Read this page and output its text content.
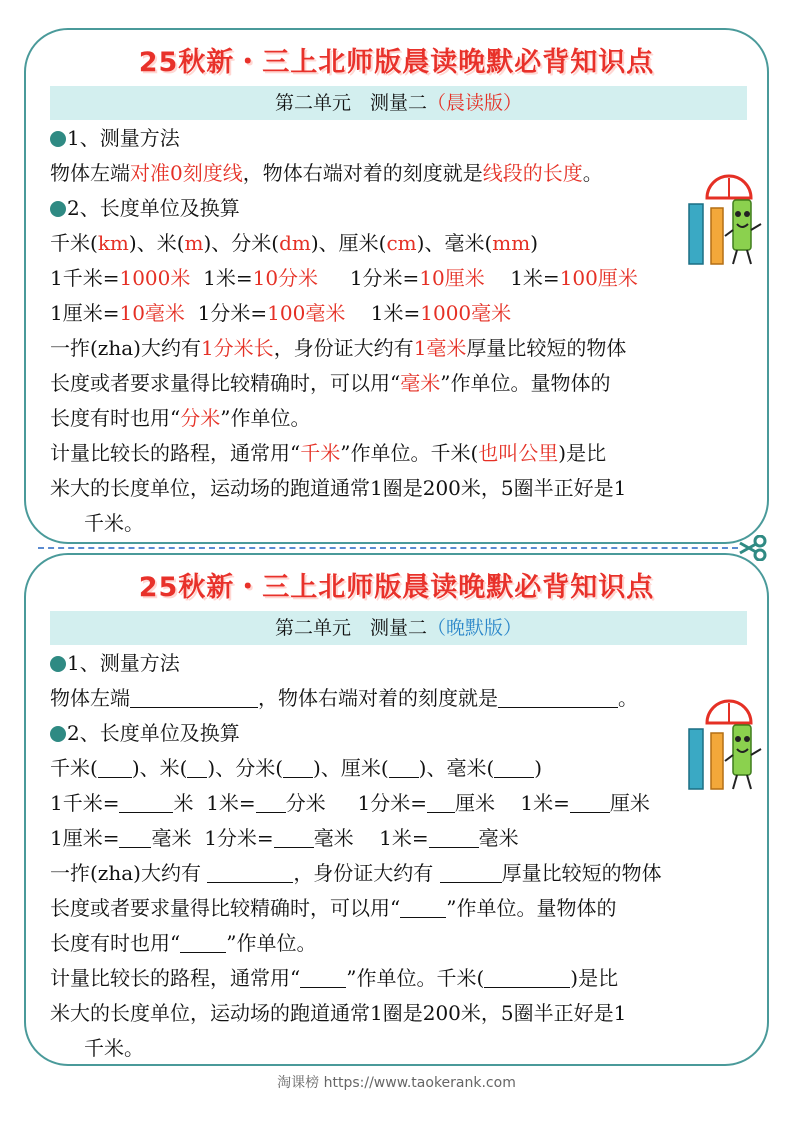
25秋新・三上北师版晨读晚默必背知识点
第二单元　测量二（晨读版）
1、测量方法
物体左端对准0刻度线，物体右端对着的刻度就是线段的长度。
2、长度单位及换算
千米(km)、米(m)、分米(dm)、厘米(cm)、毫米(mm)
1千米=1000米  1米=10分米     1分米=10厘米    1米=100厘米
1厘米=10毫米  1分米=100毫米    1米=1000毫米
一拃(zha)大约有1分米长，身份证大约有1毫米厚量比较短的物体
长度或者要求量得比较精确时，可以用“毫米”作单位。量物体的
长度有时也用“分米”作单位。
计量比较长的路程，通常用“千米”作单位。千米(也叫公里)是比
米大的长度单位，运动场的跑道通常1圈是200米，5圈半正好是1
千米。
25秋新・三上北师版晨读晚默必背知识点
第二单元　测量二（晚默版）
1、测量方法
物体左端	，物体右端对着的刻度就是	。
2、长度单位及换算
千米( )、米( )、分米( )、厘米( )、毫米( )
1千米=	米  1米= 分米     1分米= 厘米    1米= 厘米
1厘米= 毫米  1分米= 毫米    1米=	毫米
一拃(zha)大约有	，身份证大约有	厚量比较短的物体
长度或者要求量得比较精确时，可以用“ ”作单位。量物体的
长度有时也用“ ”作单位。
计量比较长的路程，通常用“ ”作单位。千米(	)是比
米大的长度单位，运动场的跑道通常1圈是200米，5圈半正好是1
千米。
淘课榜 https://www.taokerank.com
